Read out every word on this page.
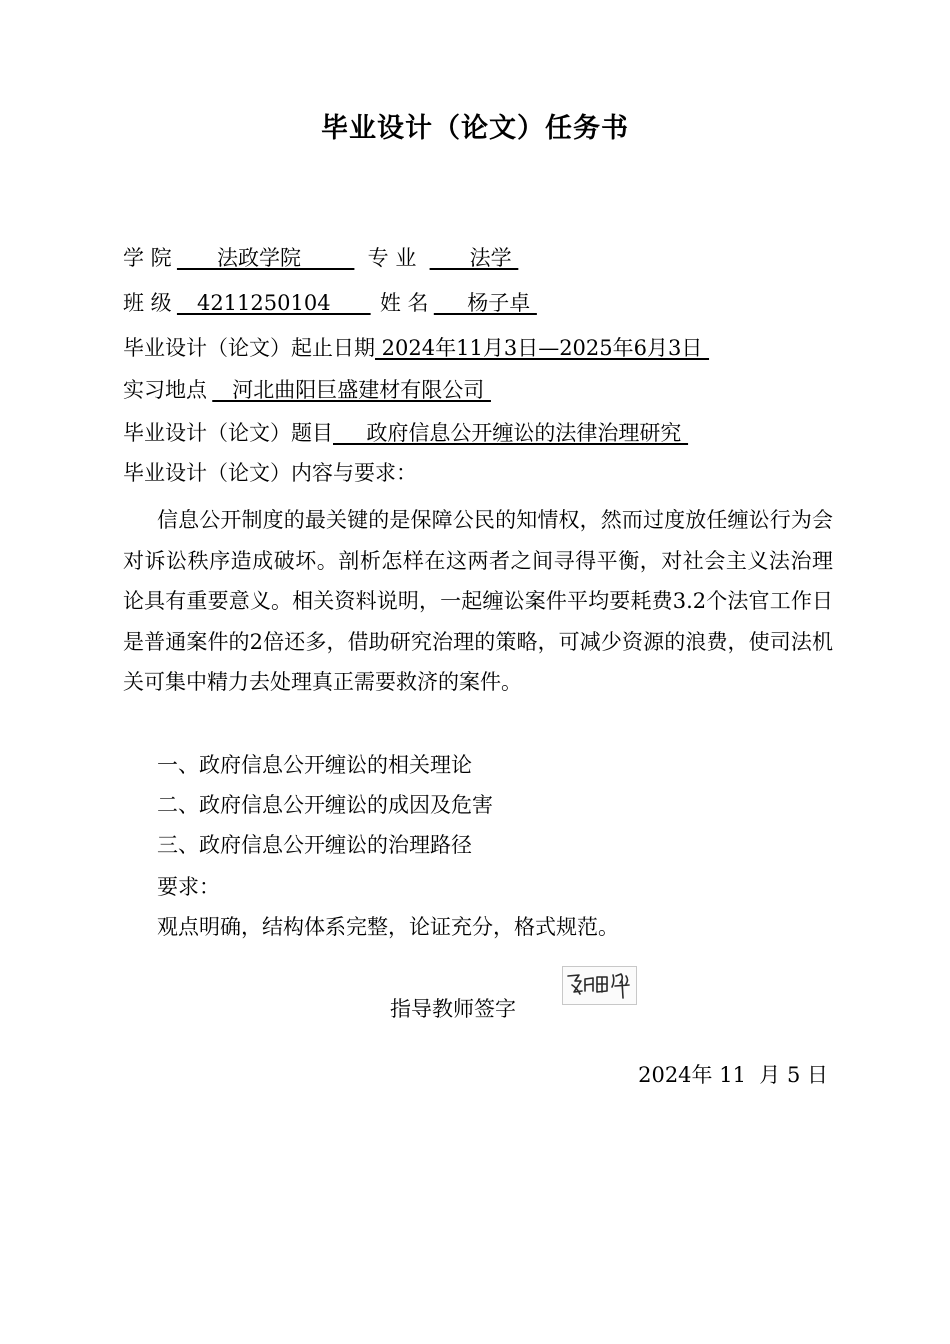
毕业设计（论文）任务书
学 院       法政学院         专 业       法学
班 级    4211250104       姓 名      杨子卓
毕业设计（论文）起止日期 2024年11月3日—2025年6月3日
实习地点    河北曲阳巨盛建材有限公司
毕业设计（论文）题目     政府信息公开缠讼的法律治理研究
毕业设计（论文）内容与要求：

信息公开制度的最关键的是保障公民的知情权，然而过度放任缠讼行为会对诉讼秩序造成破坏。剖析怎样在这两者之间寻得平衡，对社会主义法治理论具有重要意义。相关资料说明，一起缠讼案件平均要耗费3.2个法官工作日是普通案件的2倍还多，借助研究治理的策略，可减少资源的浪费，使司法机关可集中精力去处理真正需要救济的案件。

一、政府信息公开缠讼的相关理论
二、政府信息公开缠讼的成因及危害
三、政府信息公开缠讼的治理路径
要求：
观点明确，结构体系完整，论证充分，格式规范。
指导教师签字
2024年 11  月 5 日
